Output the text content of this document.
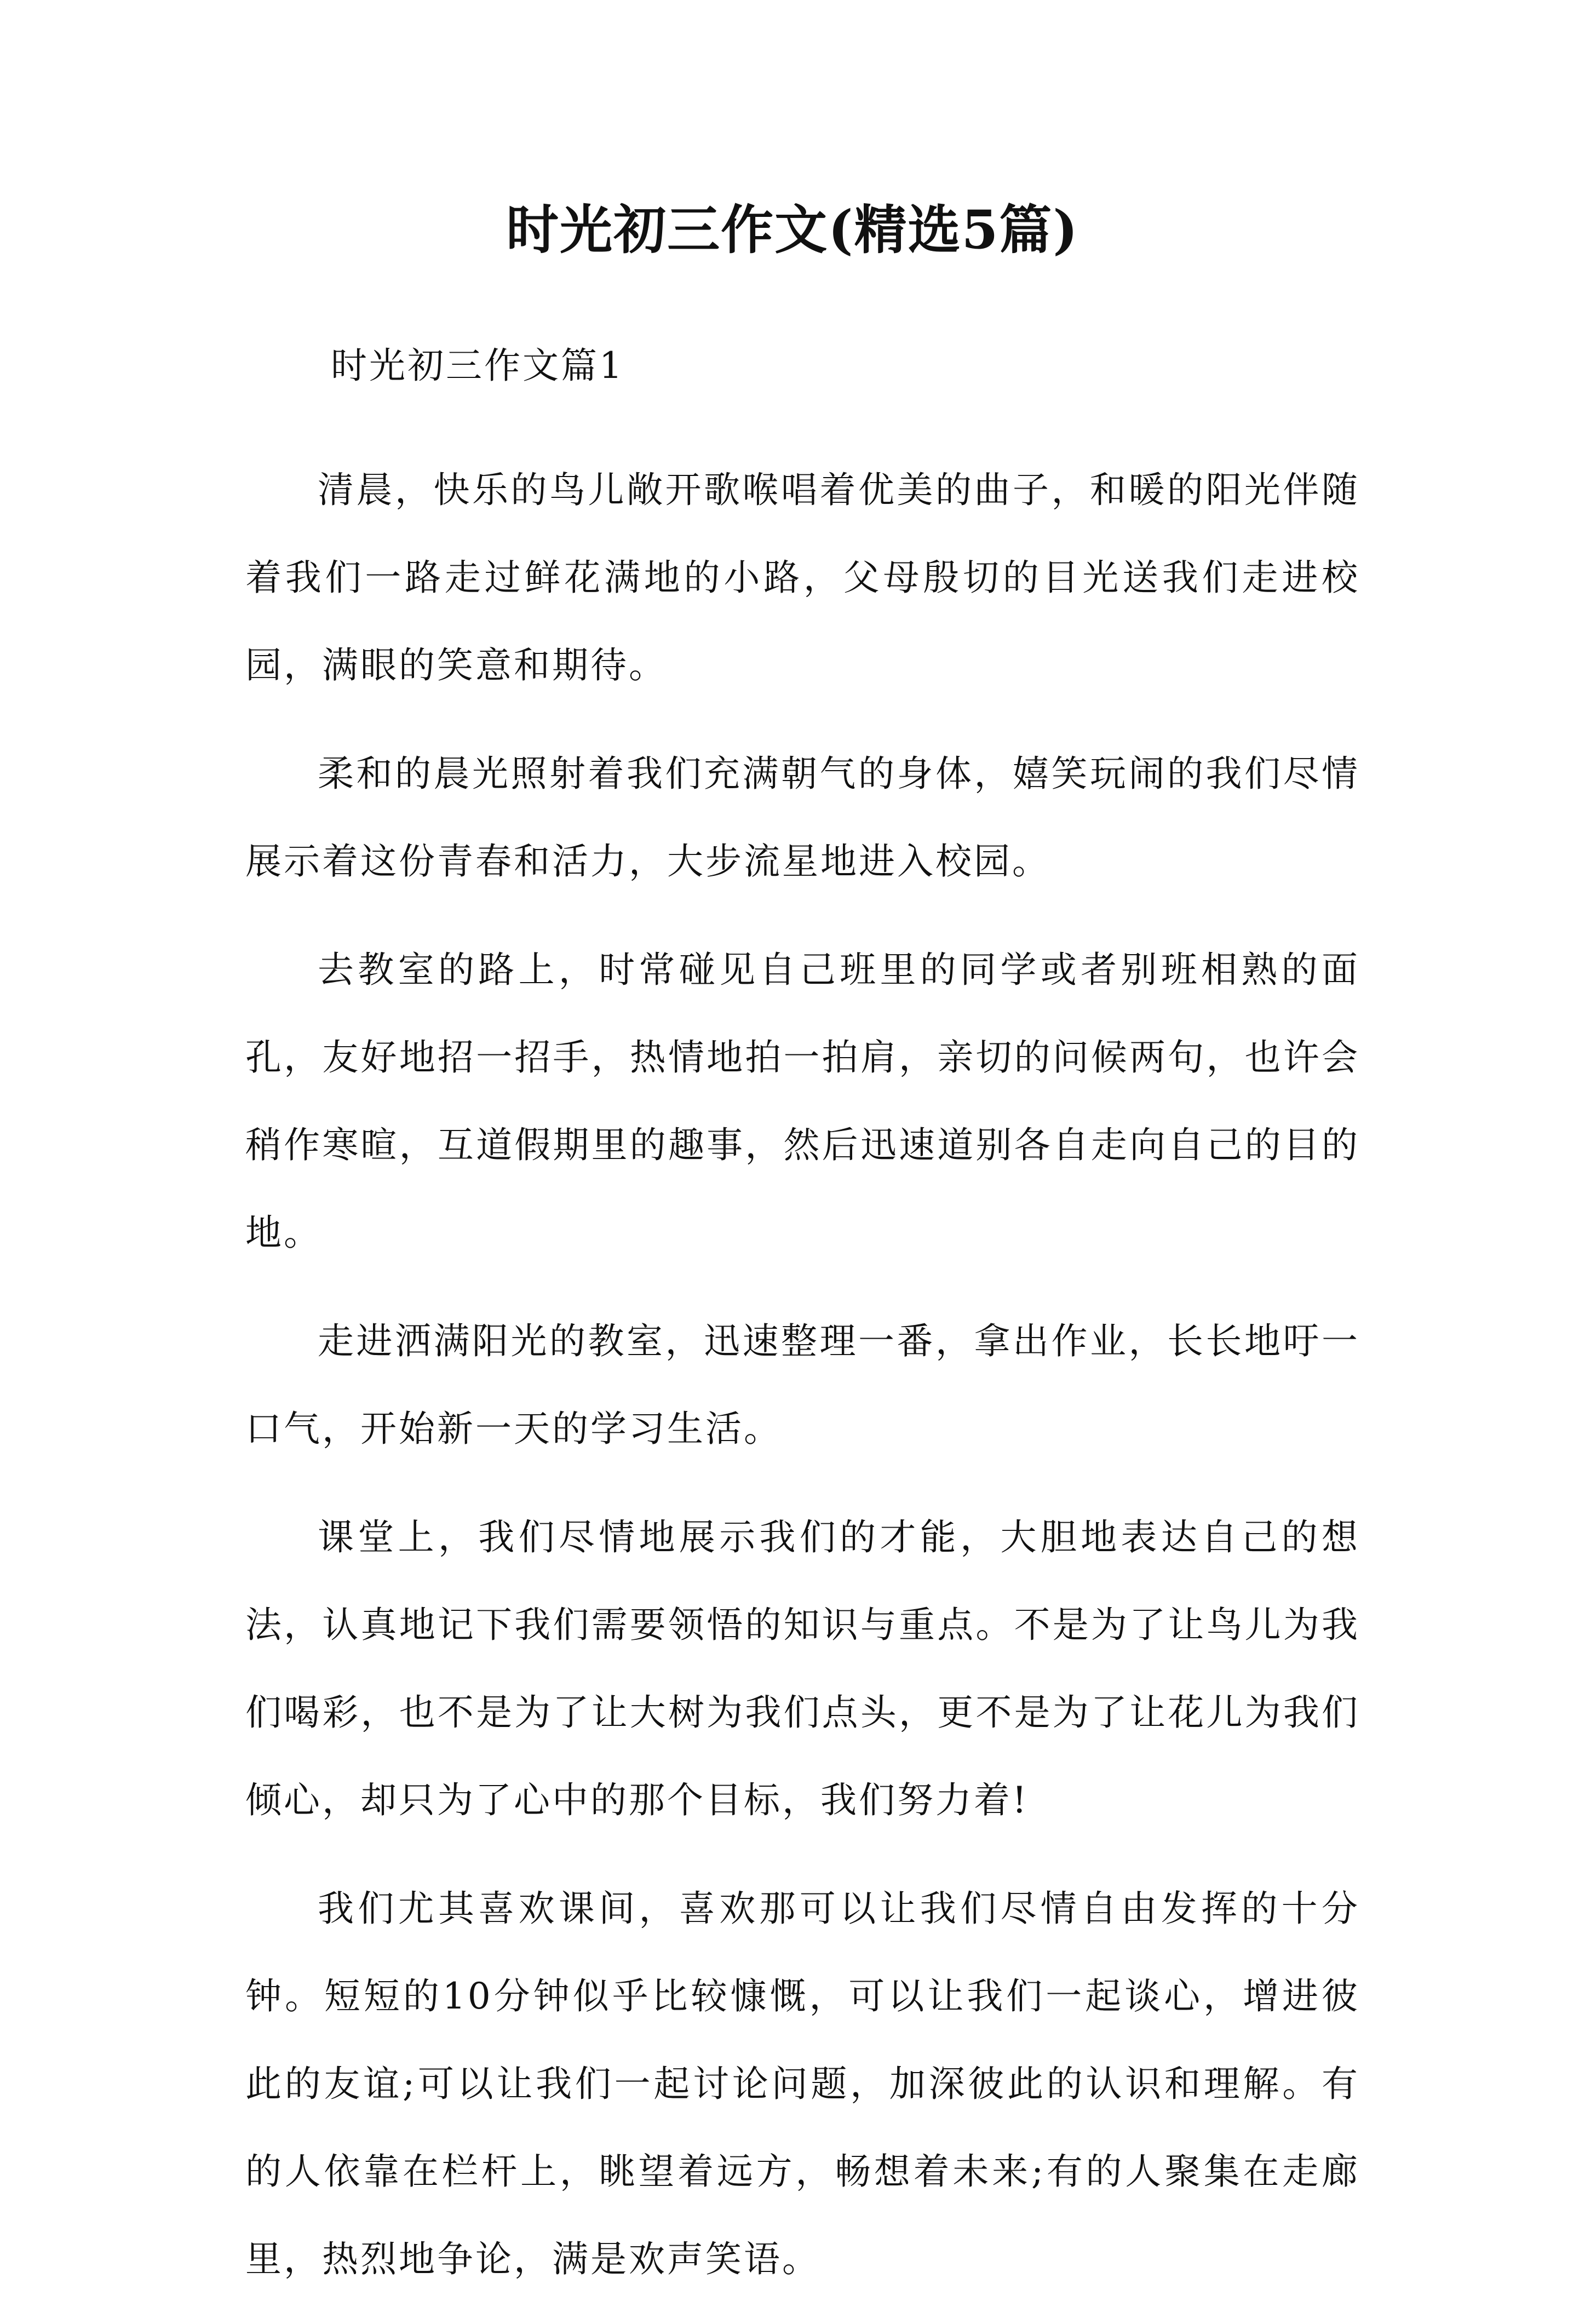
时光初三作文(精选5篇)
时光初三作文篇1

清晨，快乐的鸟儿敞开歌喉唱着优美的曲子，和暖的阳光伴随着我们一路走过鲜花满地的小路，父母殷切的目光送我们走进校园，满眼的笑意和期待。

柔和的晨光照射着我们充满朝气的身体，嬉笑玩闹的我们尽情展示着这份青春和活力，大步流星地进入校园。

去教室的路上，时常碰见自己班里的同学或者别班相熟的面孔，友好地招一招手，热情地拍一拍肩，亲切的问候两句，也许会稍作寒暄，互道假期里的趣事，然后迅速道别各自走向自己的目的地。

走进洒满阳光的教室，迅速整理一番，拿出作业，长长地吁一口气，开始新一天的学习生活。

课堂上，我们尽情地展示我们的才能，大胆地表达自己的想法，认真地记下我们需要领悟的知识与重点。不是为了让鸟儿为我们喝彩，也不是为了让大树为我们点头，更不是为了让花儿为我们倾心，却只为了心中的那个目标，我们努力着!

我们尤其喜欢课间，喜欢那可以让我们尽情自由发挥的十分钟。短短的10分钟似乎比较慷慨，可以让我们一起谈心，增进彼此的友谊;可以让我们一起讨论问题，加深彼此的认识和理解。有的人依靠在栏杆上，眺望着远方，畅想着未来;有的人聚集在走廊里，热烈地争论，满是欢声笑语。
